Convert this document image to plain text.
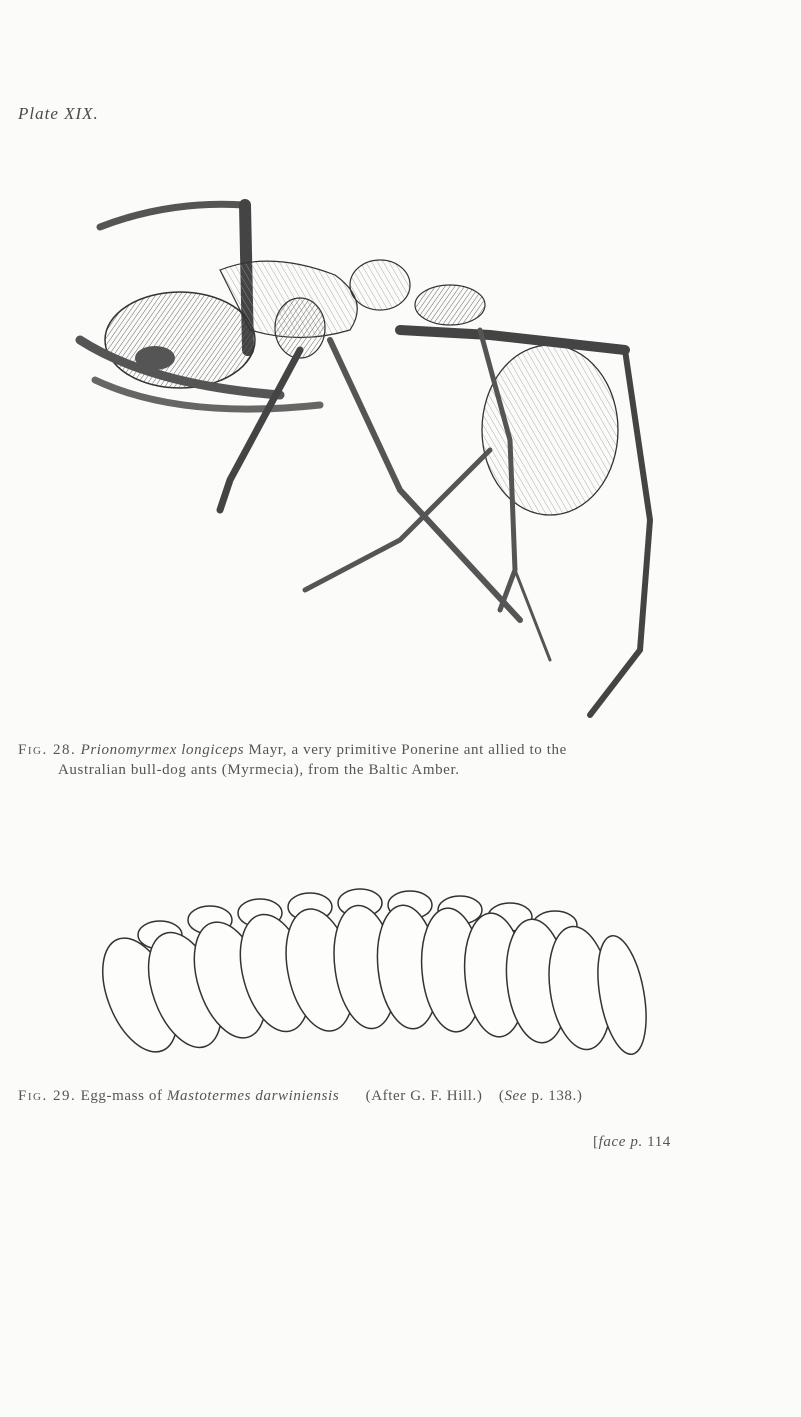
Plate XIX.
Fig. 28. Prionomyrmex longiceps Mayr, a very primitive Ponerine ant allied to the
Australian bull-dog ants (Myrmecia), from the Baltic Amber.
Fig. 29. Egg-mass of Mastotermes darwiniensis (After G. F. Hill.) (See p. 138.)
[face p. 114
